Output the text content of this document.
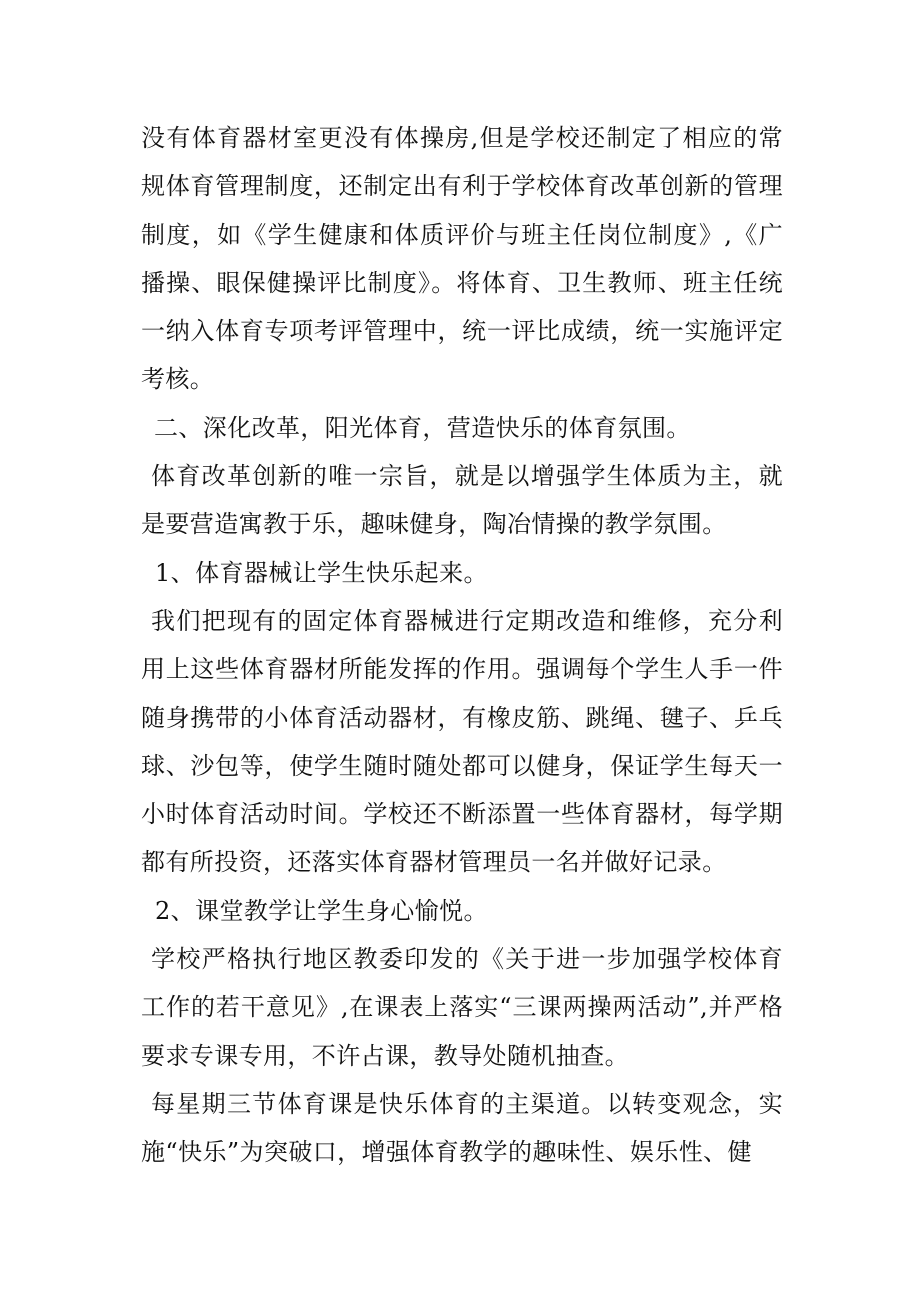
没有体育器材室更没有体操房,但是学校还制定了相应的常规体育管理制度，还制定出有利于学校体育改革创新的管理制度，如《学生健康和体质评价与班主任岗位制度》,《广播操、眼保健操评比制度》。将体育、卫生教师、班主任统一纳入体育专项考评管理中，统一评比成绩，统一实施评定考核。

二、深化改革，阳光体育，营造快乐的体育氛围。

体育改革创新的唯一宗旨，就是以增强学生体质为主，就是要营造寓教于乐，趣味健身，陶冶情操的教学氛围。

1、体育器械让学生快乐起来。

我们把现有的固定体育器械进行定期改造和维修，充分利用上这些体育器材所能发挥的作用。强调每个学生人手一件随身携带的小体育活动器材，有橡皮筋、跳绳、毽子、乒乓球、沙包等，使学生随时随处都可以健身，保证学生每天一小时体育活动时间。学校还不断添置一些体育器材，每学期都有所投资，还落实体育器材管理员一名并做好记录。

2、课堂教学让学生身心愉悦。

学校严格执行地区教委印发的《关于进一步加强学校体育工作的若干意见》,在课表上落实“三课两操两活动”,并严格要求专课专用，不许占课，教导处随机抽查。

每星期三节体育课是快乐体育的主渠道。以转变观念，实施“快乐”为突破口，增强体育教学的趣味性、娱乐性、健
